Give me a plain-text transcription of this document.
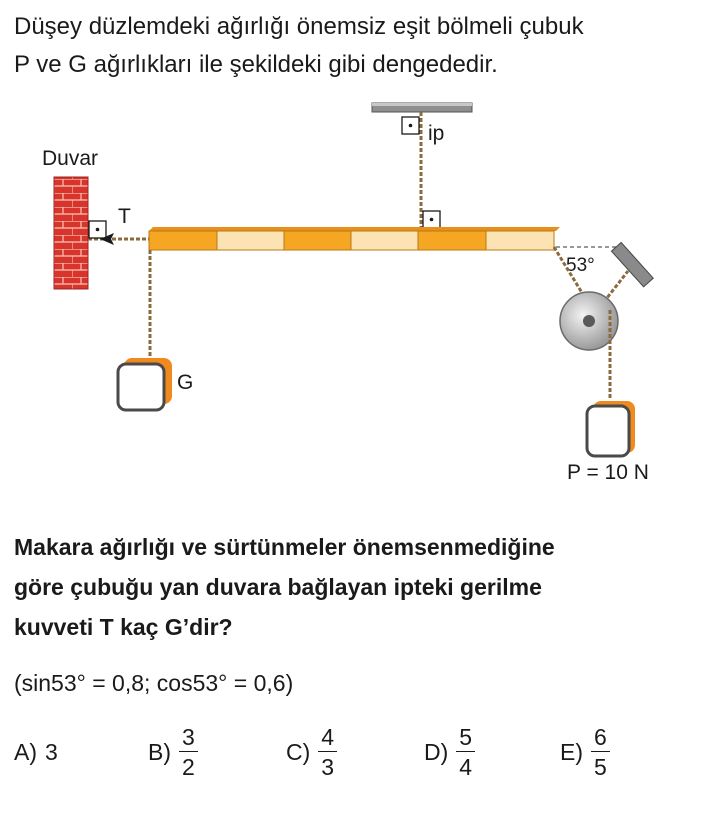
Düşey düzlemdeki ağırlığı önemsiz eşit bölmeli çubuk
P ve G ağırlıkları ile şekildeki gibi dengededir.
Duvar
ip
T
G
53°
P = 10 N
Makara ağırlığı ve sürtünmeler önemsenmediğine
göre çubuğu yan duvara bağlayan ipteki gerilme
kuvveti T kaç G’dir?
(sin53° = 0,8; cos53° = 0,6)
A) 3	$B) \frac{3}{2}$	$C) \frac{4}{3}$	$D) \frac{5}{4}$	$E) \frac{6}{5}$
